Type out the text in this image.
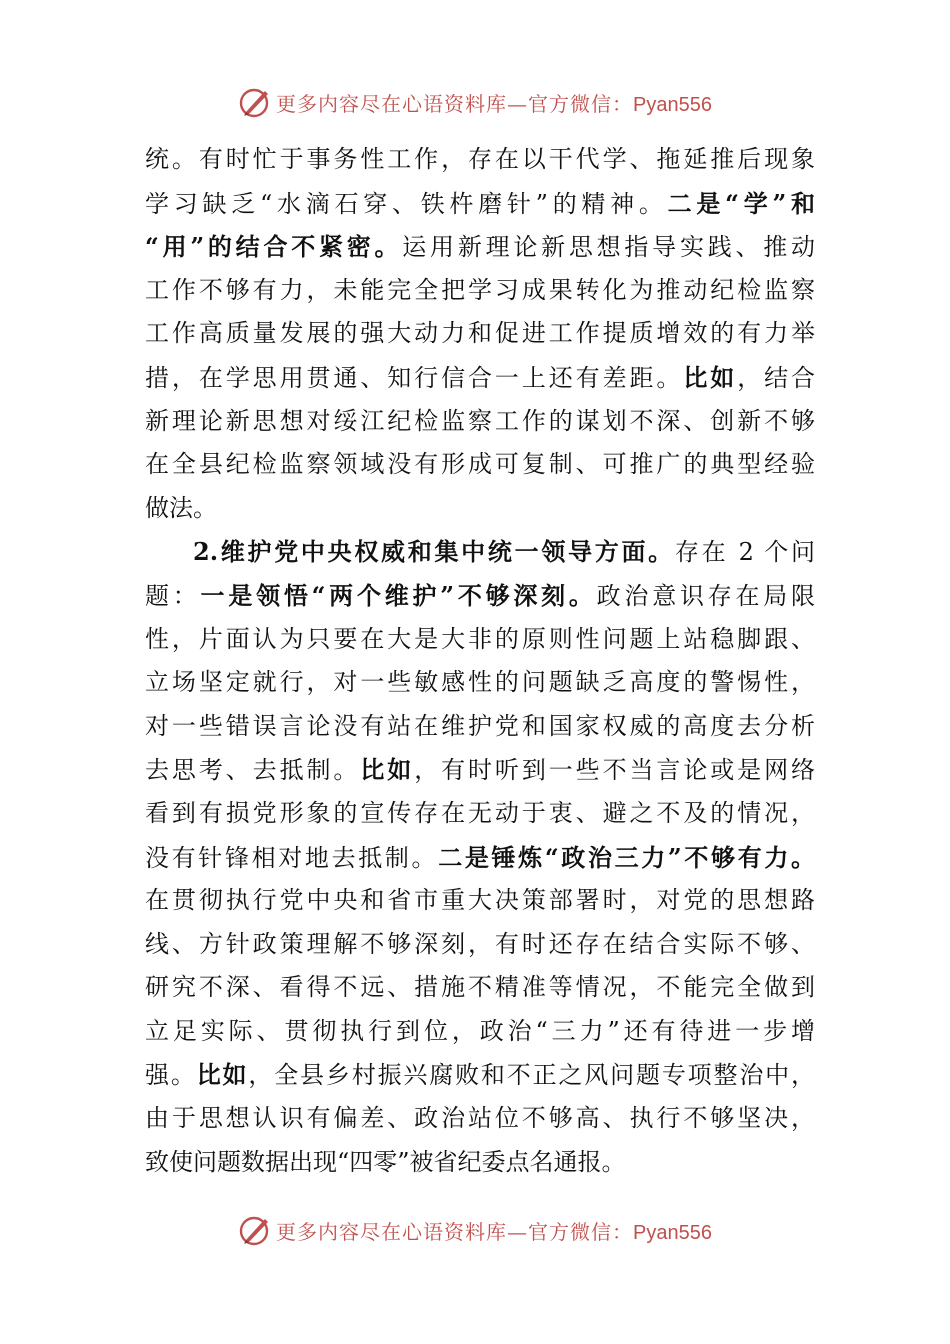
更多内容尽在心语资料库—官方微信：Pyan556
统。有时忙于事务性工作，存在以干代学、拖延推后现象
学习缺乏“水滴石穿、铁杵磨针”的精神。二是“学”和
“用”的结合不紧密。运用新理论新思想指导实践、推动
工作不够有力，未能完全把学习成果转化为推动纪检监察
工作高质量发展的强大动力和促进工作提质增效的有力举
措，在学思用贯通、知行信合一上还有差距。比如，结合
新理论新思想对绥江纪检监察工作的谋划不深、创新不够
在全县纪检监察领域没有形成可复制、可推广的典型经验
做法。
2.维护党中央权威和集中统一领导方面。存在 2 个问
题：一是领悟“两个维护”不够深刻。政治意识存在局限
性，片面认为只要在大是大非的原则性问题上站稳脚跟、
立场坚定就行，对一些敏感性的问题缺乏高度的警惕性，
对一些错误言论没有站在维护党和国家权威的高度去分析
去思考、去抵制。比如，有时听到一些不当言论或是网络
看到有损党形象的宣传存在无动于衷、避之不及的情况，
没有针锋相对地去抵制。二是锤炼“政治三力”不够有力。
在贯彻执行党中央和省市重大决策部署时，对党的思想路
线、方针政策理解不够深刻，有时还存在结合实际不够、
研究不深、看得不远、措施不精准等情况，不能完全做到
立足实际、贯彻执行到位，政治“三力”还有待进一步增
强。比如，全县乡村振兴腐败和不正之风问题专项整治中，
由于思想认识有偏差、政治站位不够高、执行不够坚决，
致使问题数据出现“四零”被省纪委点名通报。
更多内容尽在心语资料库—官方微信：Pyan556
